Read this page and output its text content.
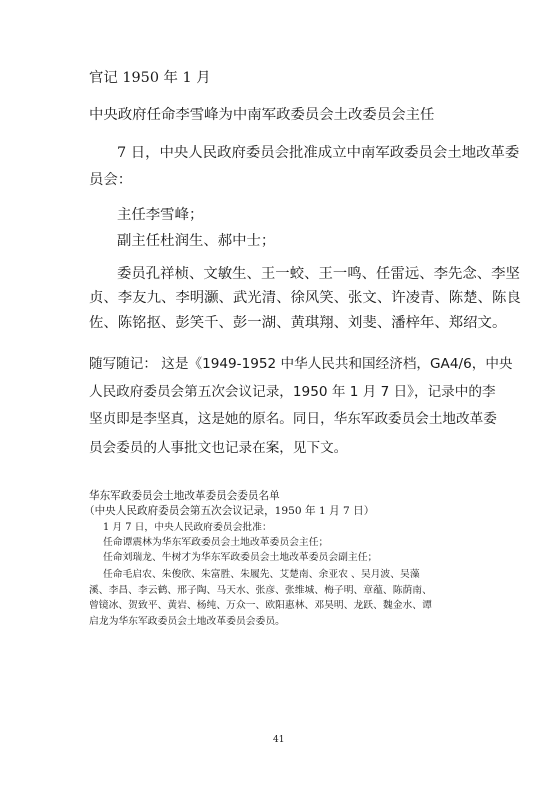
官记 1950 年 1 月
中央政府任命李雪峰为中南军政委员会土改委员会主任
7 日，中央人民政府委员会批准成立中南军政委员会土地改革委
员会：
主任李雪峰；
副主任杜润生、郝中士；
委员孔祥桢、文敏生、王一蛟、王一鸣、任雷远、李先念、李坚
贞、李友九、李明灏、武光清、徐风笑、张文、许凌青、陈楚、陈良
佐、陈铭抠、彭笑千、彭一湖、黄琪翔、刘斐、潘梓年、郑绍文。
随写随记： 这是《1949-1952 中华人民共和国经济档，GA4/6，中央
人民政府委员会第五次会议记录，1950 年 1 月 7 日》，记录中的李
坚贞即是李坚真，这是她的原名。同日，华东军政委员会土地改革委
员会委员的人事批文也记录在案，见下文。
华东军政委员会土地改革委员会委员名单
（中央人民政府委员会第五次会议记录，1950 年 1 月 7 日）
1 月 7 日，中央人民政府委员会批准：
任命谭震林为华东军政委员会土地改革委员会主任；
任命刘瑞龙、牛树才为华东军政委员会土地改革委员会副主任；
任命毛启农、朱俊欣、朱富胜、朱履先、艾楚南、余亚农 、吴月波、吴藻
溪、李昌、李云鹤、邢子陶、马天水、张彦、张维城、梅子明、章蕴、陈荫南、
曾镜冰、贺致平、黄岩、杨纯、万众一、欧阳惠林、邓昊明、龙跃、魏金水、谭
启龙为华东军政委员会土地改革委员会委员。
41
